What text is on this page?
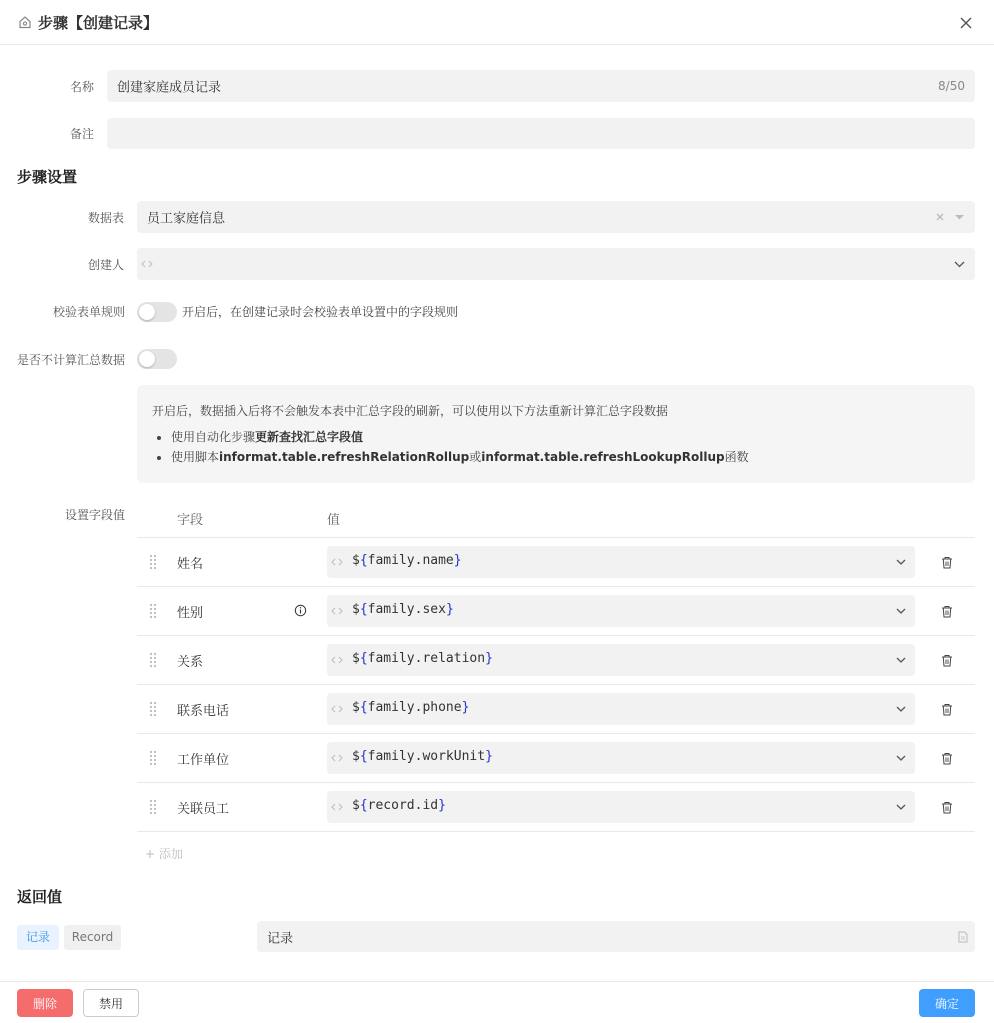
步骤【创建记录】
名称 创建家庭成员记录	8/50
备注
步骤设置
数据表 员工家庭信息
创建人
校验表单规则	开启后，在创建记录时会校验表单设置中的字段规则
是否不计算汇总数据
开启后，数据插入后将不会触发本表中汇总字段的刷新，可以使用以下方法重新计算汇总字段数据
• 使用自动化步骤更新查找汇总字段值
• 使用脚本informat.table.refreshRelationRollup或informat.table.refreshLookupRollup函数
设置字段值	字段	值
姓名	${family.name}
性别	${family.sex}
关系	${family.relation}
联系电话	${family.phone}
工作单位	${family.workUnit}
关联员工	${record.id}
+ 添加
返回值
记录	Record	记录
删除	禁用	确定
